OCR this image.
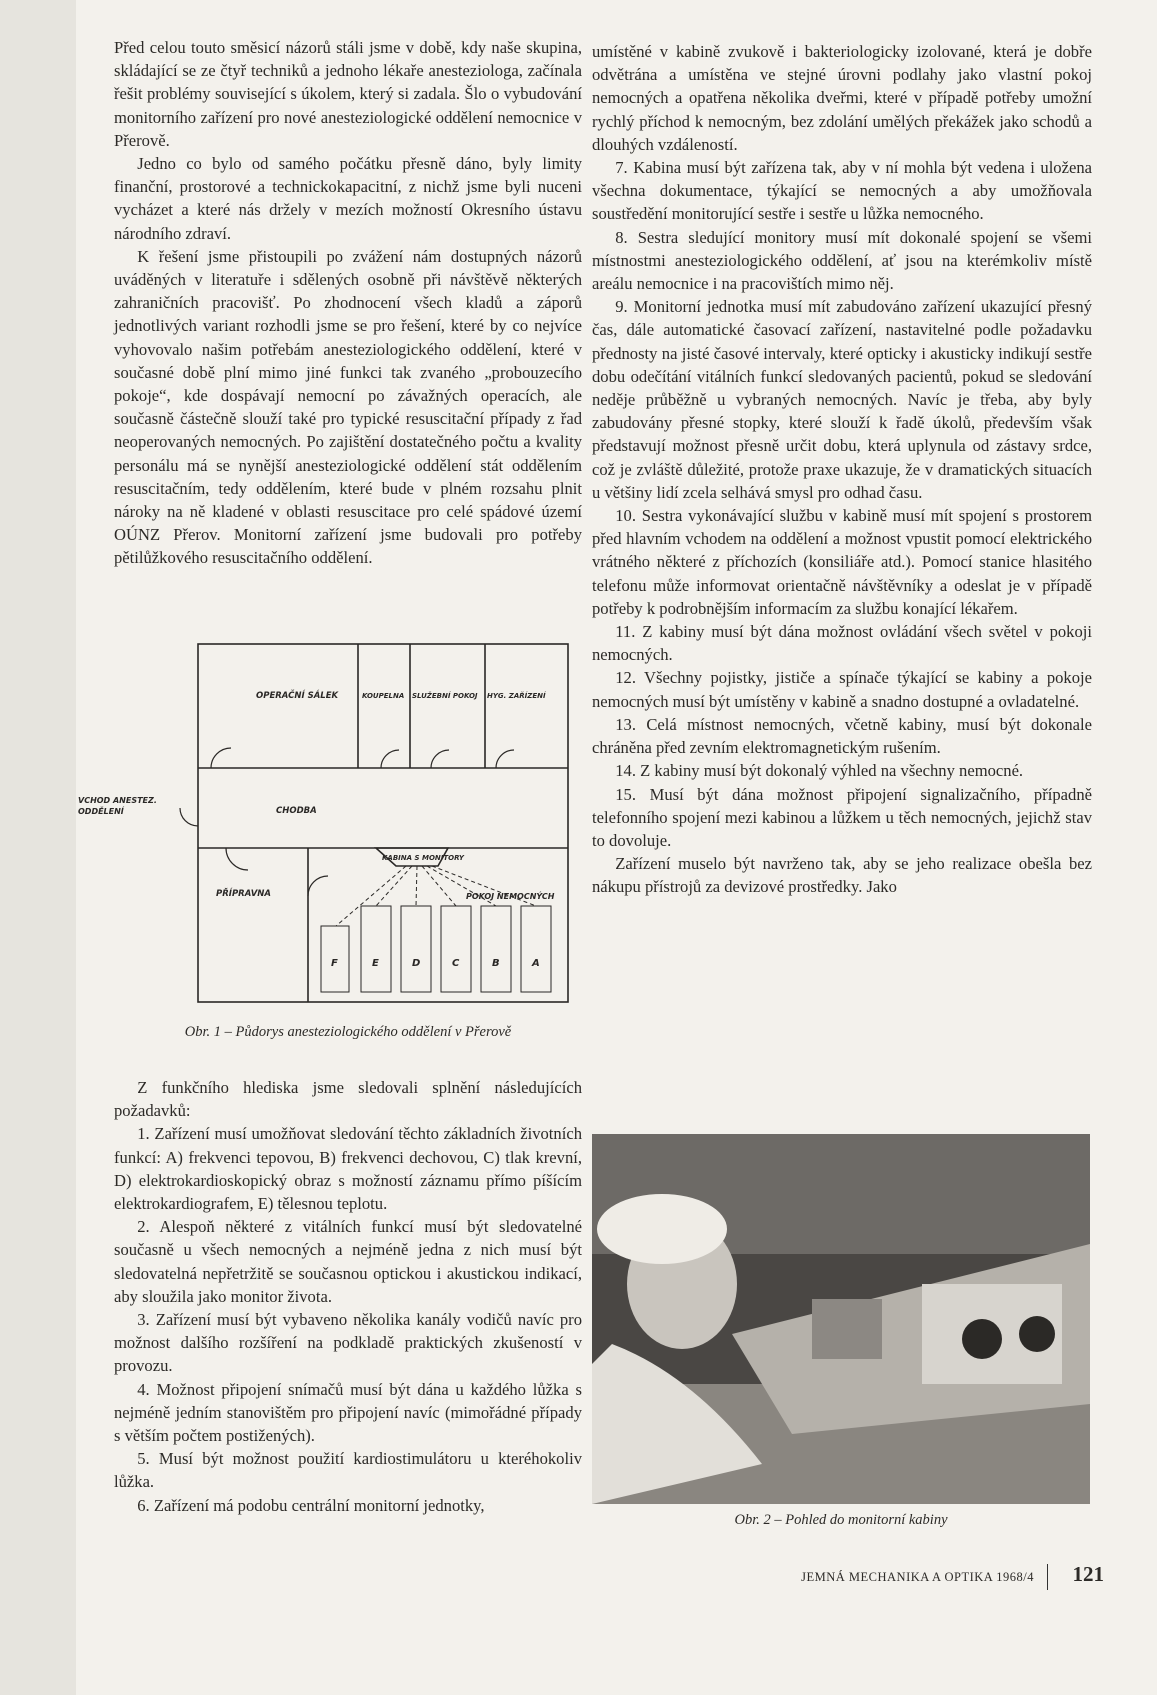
Před celou touto směsicí názorů stáli jsme v době, kdy naše skupina, skládající se ze čtyř techniků a jednoho lékaře anesteziologa, začínala řešit problémy související s úkolem, který si zadala. Šlo o vybudování monitorního zařízení pro nové anesteziologické oddělení nemocnice v Přerově.

Jedno co bylo od samého počátku přesně dáno, byly limity finanční, prostorové a technickokapacitní, z nichž jsme byli nuceni vycházet a které nás držely v mezích možností Okresního ústavu národního zdraví.

K řešení jsme přistoupili po zvážení nám dostupných názorů uváděných v literatuře i sdělených osobně při návštěvě některých zahraničních pracovišť. Po zhodnocení všech kladů a záporů jednotlivých variant rozhodli jsme se pro řešení, které by co nejvíce vyhovovalo našim potřebám anesteziologického oddělení, které v současné době plní mimo jiné funkci tak zvaného „probouzecího pokoje“, kde dospávají nemocní po závažných operacích, ale současně částečně slouží také pro typické resuscitační případy z řad neoperovaných nemocných. Po zajištění dostatečného počtu a kvality personálu má se nynější anesteziologické oddělení stát oddělením resuscitačním, tedy oddělením, které bude v plném rozsahu plnit nároky na ně kladené v oblasti resuscitace pro celé spádové území OÚNZ Přerov. Monitorní zařízení jsme budovali pro potřeby pětilůžkového resuscitačního oddělení.

OPERAČNÍ SÁLEK	KOUPELNA SLUŽEBNÍ POKOJ HYG. ZAŘÍZENÍ
VCHOD ANESTEZ.
ODDĚLENÍ	CHODBA
KABINA S MONITORY
PŘÍPRAVNA	POKOJ NEMOCNÝCH
F	E	D	C	B	A
Obr. 1 – Půdorys anesteziologického oddělení v Přerově

Z funkčního hlediska jsme sledovali splnění následujících požadavků:

1. Zařízení musí umožňovat sledování těchto základních životních funkcí: A) frekvenci tepovou, B) frekvenci dechovou, C) tlak krevní, D) elektrokardioskopický obraz s možností záznamu přímo píšícím elektrokardiografem, E) tělesnou teplotu.

2. Alespoň některé z vitálních funkcí musí být sledovatelné současně u všech nemocných a nejméně jedna z nich musí být sledovatelná nepřetržitě se současnou optickou i akustickou indikací, aby sloužila jako monitor života.

3. Zařízení musí být vybaveno několika kanály vodičů navíc pro možnost dalšího rozšíření na podkladě praktických zkušeností v provozu.

4. Možnost připojení snímačů musí být dána u každého lůžka s nejméně jedním stanovištěm pro připojení navíc (mimořádné případy s větším počtem postižených).

5. Musí být možnost použití kardiostimulátoru u kteréhokoliv lůžka.

6. Zařízení má podobu centrální monitorní jednotky,

umístěné v kabině zvukově i bakteriologicky izolované, která je dobře odvětrána a umístěna ve stejné úrovni podlahy jako vlastní pokoj nemocných a opatřena několika dveřmi, které v případě potřeby umožní rychlý příchod k nemocným, bez zdolání umělých překážek jako schodů a dlouhých vzdáleností.

7. Kabina musí být zařízena tak, aby v ní mohla být vedena i uložena všechna dokumentace, týkající se nemocných a aby umožňovala soustředění monitorující sestře i sestře u lůžka nemocného.

8. Sestra sledující monitory musí mít dokonalé spojení se všemi místnostmi anesteziologického oddělení, ať jsou na kterémkoliv místě areálu nemocnice i na pracovištích mimo něj.

9. Monitorní jednotka musí mít zabudováno zařízení ukazující přesný čas, dále automatické časovací zařízení, nastavitelné podle požadavku přednosty na jisté časové intervaly, které opticky i akusticky indikují sestře dobu odečítání vitálních funkcí sledovaných pacientů, pokud se sledování neděje průběžně u vybraných nemocných. Navíc je třeba, aby byly zabudovány přesné stopky, které slouží k řadě úkolů, především však představují možnost přesně určit dobu, která uplynula od zástavy srdce, což je zvláště důležité, protože praxe ukazuje, že v dramatických situacích u většiny lidí zcela selhává smysl pro odhad času.

10. Sestra vykonávající službu v kabině musí mít spojení s prostorem před hlavním vchodem na oddělení a možnost vpustit pomocí elektrického vrátného některé z příchozích (konsiliáře atd.). Pomocí stanice hlasitého telefonu může informovat orientačně návštěvníky a odeslat je v případě potřeby k podrobnějším informacím za službu konající lékařem.

11. Z kabiny musí být dána možnost ovládání všech světel v pokoji nemocných.

12. Všechny pojistky, jističe a spínače týkající se kabiny a pokoje nemocných musí být umístěny v kabině a snadno dostupné a ovladatelné.

13. Celá místnost nemocných, včetně kabiny, musí být dokonale chráněna před zevním elektromagnetickým rušením.

14. Z kabiny musí být dokonalý výhled na všechny nemocné.

15. Musí být dána možnost připojení signalizačního, případně telefonního spojení mezi kabinou a lůžkem u těch nemocných, jejichž stav to dovoluje.

Zařízení muselo být navrženo tak, aby se jeho realizace obešla bez nákupu přístrojů za devizové prostředky. Jako

Obr. 2 – Pohled do monitorní kabiny
JEMNÁ MECHANIKA A OPTIKA 1968/4 121
